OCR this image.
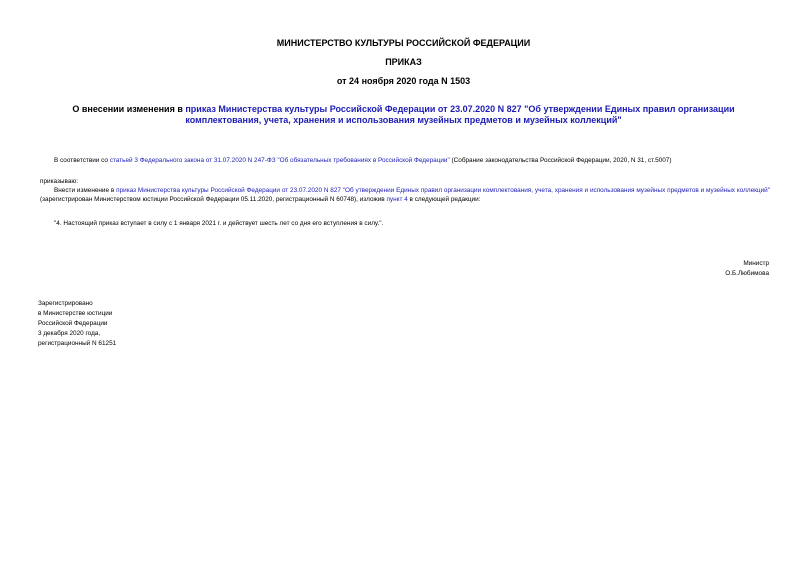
МИНИСТЕРСТВО КУЛЬТУРЫ РОССИЙСКОЙ ФЕДЕРАЦИИ
ПРИКАЗ
от 24 ноября 2020 года N 1503
О внесении изменения в приказ Министерства культуры Российской Федерации от 23.07.2020 N 827 "Об утверждении Единых правил организации комплектования, учета, хранения и использования музейных предметов и музейных коллекций"
В соответствии со статьей 3 Федерального закона от 31.07.2020 N 247-ФЗ "Об обязательных требованиях в Российской Федерации" (Собрание законодательства Российской Федерации, 2020, N 31, ст.5007)
приказываю:
Внести изменение в приказ Министерства культуры Российской Федерации от 23.07.2020 N 827 "Об утверждении Единых правил организации комплектования, учета, хранения и использования музейных предметов и музейных коллекций" (зарегистрирован Министерством юстиции Российской Федерации 05.11.2020, регистрационный N 60748), изложив пункт 4 в следующей редакции:
"4. Настоящий приказ вступает в силу с 1 января 2021 г. и действует шесть лет со дня его вступления в силу.".
Министр
О.Б.Любимова
Зарегистрировано
в Министерстве юстиции
Российской Федерации
3 декабря 2020 года,
регистрационный N 61251
